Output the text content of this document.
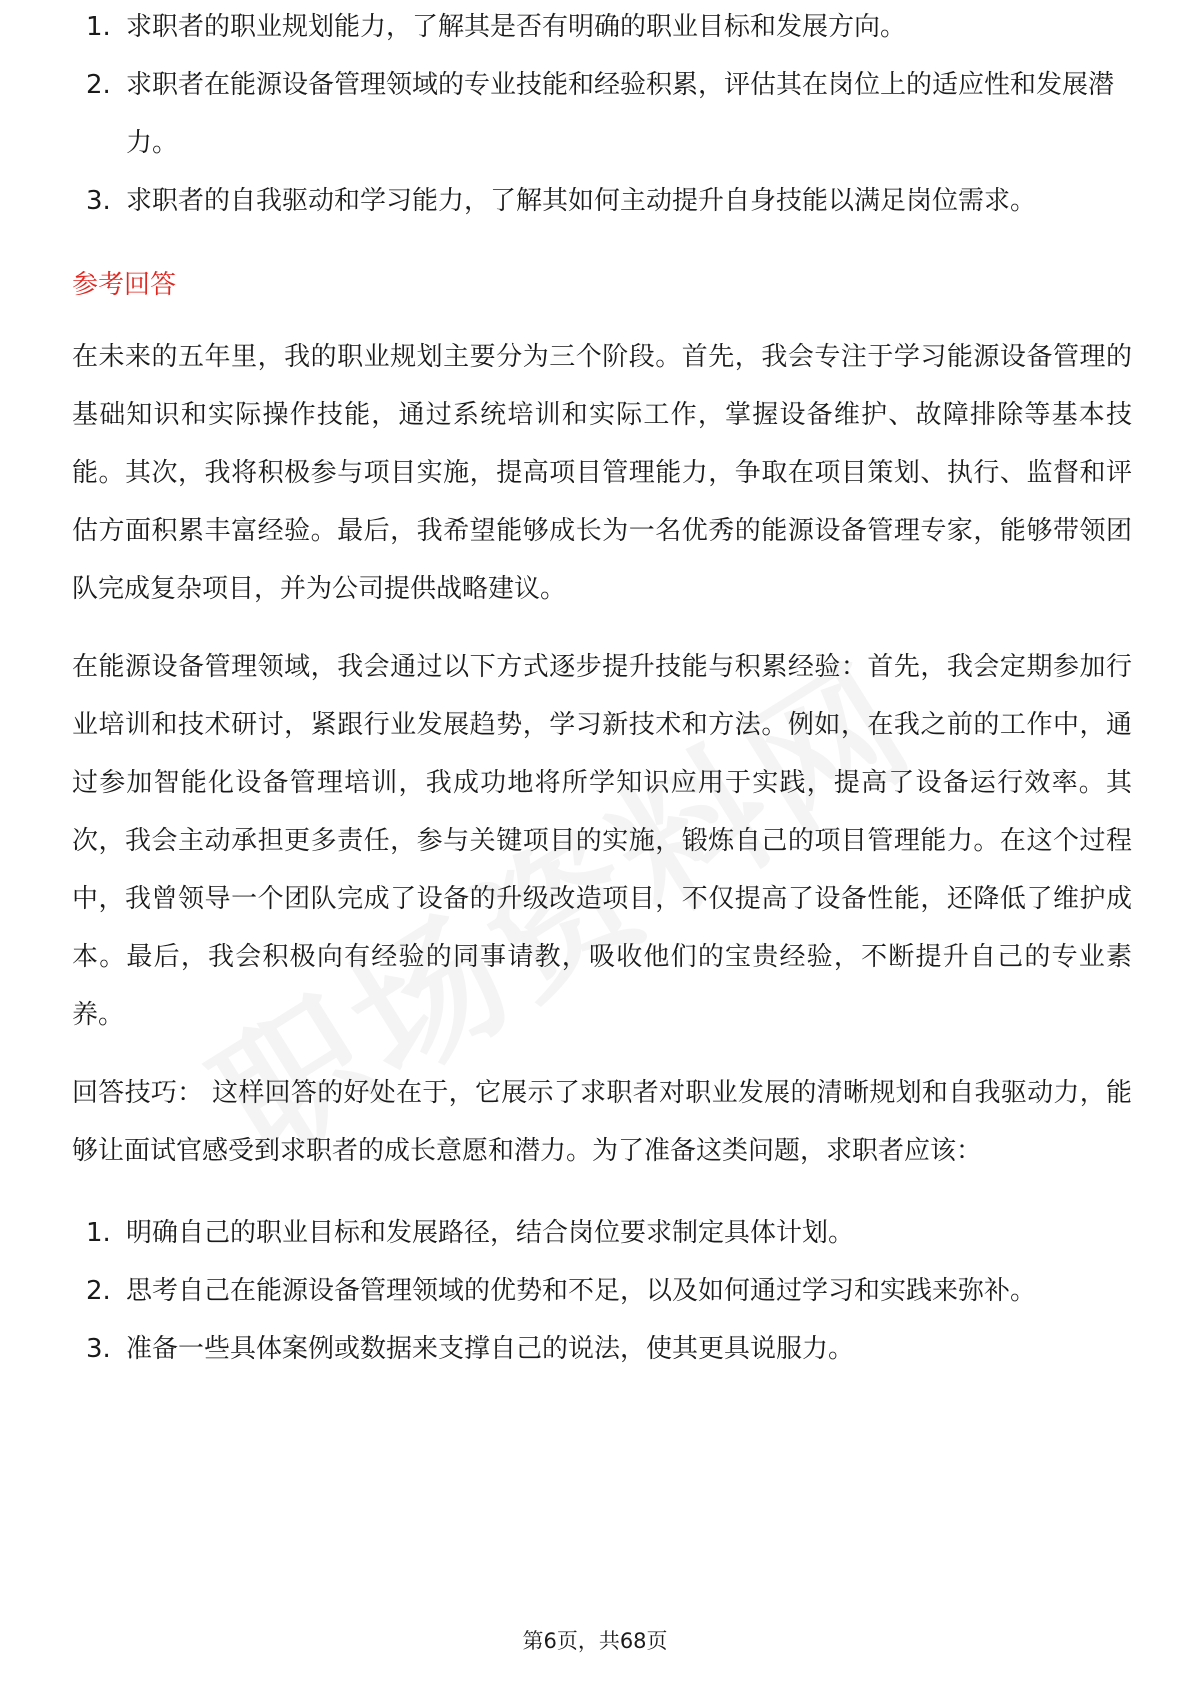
1. 求职者的职业规划能力，了解其是否有明确的职业目标和发展方向。
2. 求职者在能源设备管理领域的专业技能和经验积累，评估其在岗位上的适应性和发展潜力。
3. 求职者的自我驱动和学习能力，了解其如何主动提升自身技能以满足岗位需求。
参考回答

在未来的五年里，我的职业规划主要分为三个阶段。首先，我会专注于学习能源设备管理的基础知识和实际操作技能，通过系统培训和实际工作，掌握设备维护、故障排除等基本技能。其次，我将积极参与项目实施，提高项目管理能力，争取在项目策划、执行、监督和评估方面积累丰富经验。最后，我希望能够成长为一名优秀的能源设备管理专家，能够带领团队完成复杂项目，并为公司提供战略建议。

在能源设备管理领域，我会通过以下方式逐步提升技能与积累经验：首先，我会定期参加行业培训和技术研讨，紧跟行业发展趋势，学习新技术和方法。例如，在我之前的工作中，通过参加智能化设备管理培训，我成功地将所学知识应用于实践，提高了设备运行效率。其次，我会主动承担更多责任，参与关键项目的实施，锻炼自己的项目管理能力。在这个过程中，我曾领导一个团队完成了设备的升级改造项目，不仅提高了设备性能，还降低了维护成本。最后，我会积极向有经验的同事请教，吸收他们的宝贵经验，不断提升自己的专业素养。

回答技巧： 这样回答的好处在于，它展示了求职者对职业发展的清晰规划和自我驱动力，能够让面试官感受到求职者的成长意愿和潜力。为了准备这类问题，求职者应该：

1. 明确自己的职业目标和发展路径，结合岗位要求制定具体计划。
2. 思考自己在能源设备管理领域的优势和不足，以及如何通过学习和实践来弥补。
3. 准备一些具体案例或数据来支撑自己的说法，使其更具说服力。
第6页，共68页
